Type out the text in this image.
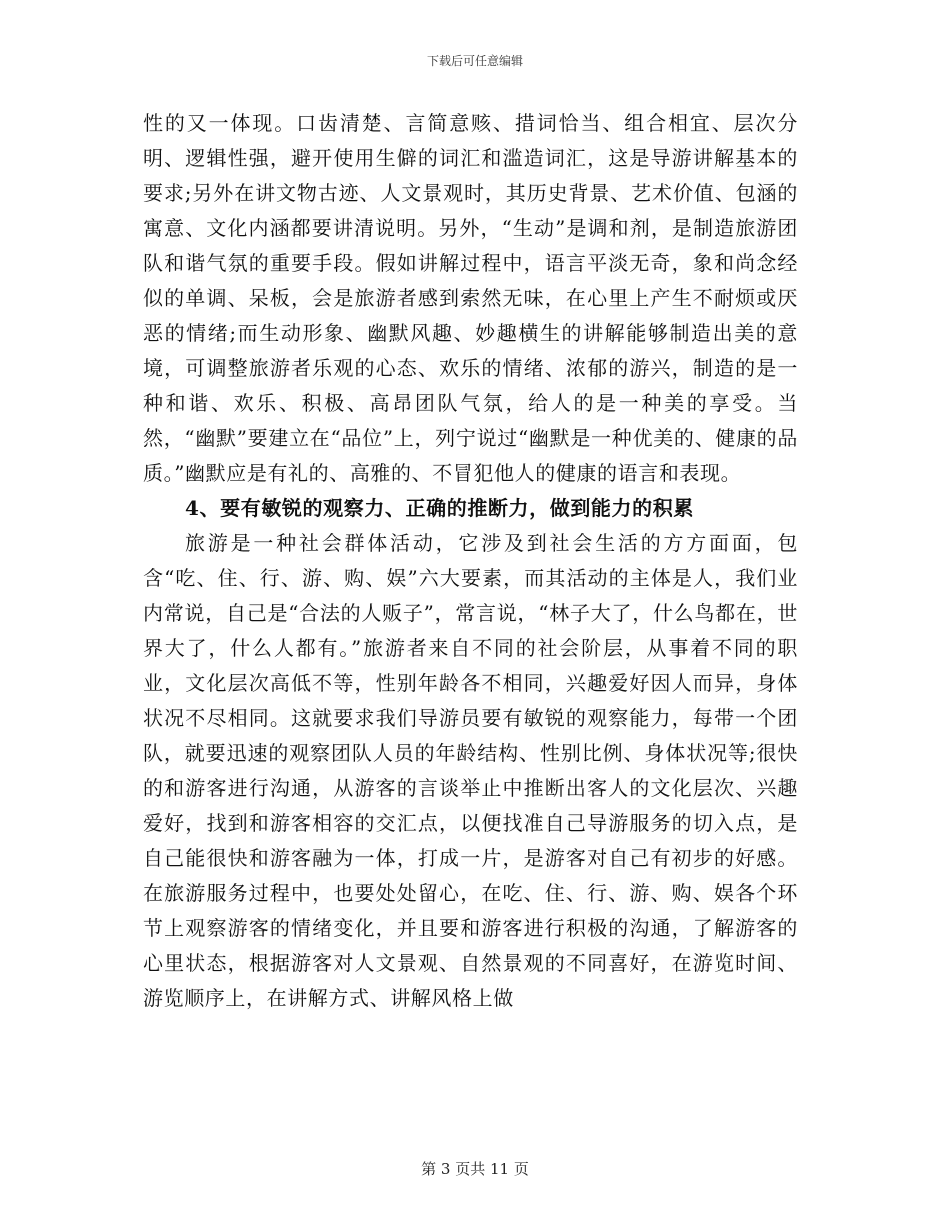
下载后可任意编辑

性的又一体现。口齿清楚、言简意赅、措词恰当、组合相宜、层次分明、逻辑性强，避开使用生僻的词汇和滥造词汇，这是导游讲解基本的要求;另外在讲文物古迹、人文景观时，其历史背景、艺术价值、包涵的寓意、文化内涵都要讲清说明。另外，“生动”是调和剂，是制造旅游团队和谐气氛的重要手段。假如讲解过程中，语言平淡无奇，象和尚念经似的单调、呆板，会是旅游者感到索然无味，在心里上产生不耐烦或厌恶的情绪;而生动形象、幽默风趣、妙趣横生的讲解能够制造出美的意境，可调整旅游者乐观的心态、欢乐的情绪、浓郁的游兴，制造的是一种和谐、欢乐、积极、高昂团队气氛，给人的是一种美的享受。当然，“幽默”要建立在“品位”上，列宁说过“幽默是一种优美的、健康的品质。”幽默应是有礼的、高雅的、不冒犯他人的健康的语言和表现。

4、要有敏锐的观察力、正确的推断力，做到能力的积累

旅游是一种社会群体活动，它涉及到社会生活的方方面面，包含“吃、住、行、游、购、娱”六大要素，而其活动的主体是人，我们业内常说，自己是“合法的人贩子”，常言说，“林子大了，什么鸟都在，世界大了，什么人都有。”旅游者来自不同的社会阶层，从事着不同的职业，文化层次高低不等，性别年龄各不相同，兴趣爱好因人而异，身体状况不尽相同。这就要求我们导游员要有敏锐的观察能力，每带一个团队，就要迅速的观察团队人员的年龄结构、性别比例、身体状况等;很快的和游客进行沟通，从游客的言谈举止中推断出客人的文化层次、兴趣爱好，找到和游客相容的交汇点，以便找准自己导游服务的切入点，是自己能很快和游客融为一体，打成一片，是游客对自己有初步的好感。在旅游服务过程中，也要处处留心，在吃、住、行、游、购、娱各个环节上观察游客的情绪变化，并且要和游客进行积极的沟通，了解游客的心里状态，根据游客对人文景观、自然景观的不同喜好，在游览时间、游览顺序上，在讲解方式、讲解风格上做

第 3 页共 11 页
